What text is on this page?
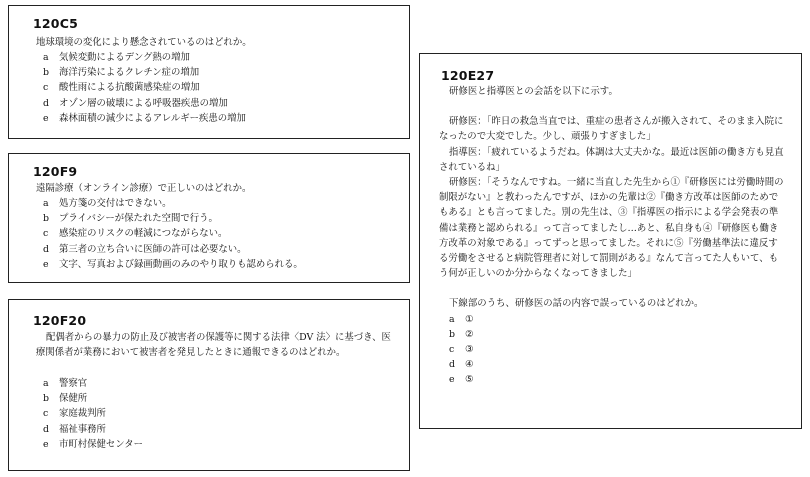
120C5

地球環境の変化により懸念されているのはどれか。

a 気候変動によるデング熱の増加
b 海洋汚染によるクレチン症の増加
c 酸性雨による抗酸菌感染症の増加
d オゾン層の破壊による呼吸器疾患の増加
e 森林面積の減少によるアレルギー疾患の増加
120F9

遠隔診療（オンライン診療）で正しいのはどれか。

a 処方箋の交付はできない。
b プライバシーが保たれた空間で行う。
c 感染症のリスクの軽減につながらない。
d 第三者の立ち合いに医師の許可は必要ない。
e 文字、写真および録画動画のみのやり取りも認められる。
120F20

配偶者からの暴力の防止及び被害者の保護等に関する法律〈DV 法〉に基づき、医療関係者が業務において被害者を発見したときに通報できるのはどれか。

a 警察官
b 保健所
c 家庭裁判所
d 福祉事務所
e 市町村保健センター
120E27

研修医と指導医との会話を以下に示す。

研修医：「昨日の救急当直では、重症の患者さんが搬入されて、そのまま入院になったので大変でした。少し、頑張りすぎました」

指導医：「疲れているようだね。体調は大丈夫かな。最近は医師の働き方も見直されているね」

研修医：「そうなんですね。一緒に当直した先生から①『研修医には労働時間の制限がない』と教わったんですが、ほかの先輩は②『働き方改革は医師のためでもある』とも言ってました。別の先生は、③『指導医の指示による学会発表の準備は業務と認められる』って言ってましたし…あと、私自身も④『研修医も働き方改革の対象である』ってずっと思ってました。それに⑤『労働基準法に違反する労働をさせると病院管理者に対して罰則がある』なんて言ってた人もいて、もう何が正しいのか分からなくなってきました」

下線部のうち、研修医の話の内容で誤っているのはどれか。

a ①
b ②
c ③
d ④
e ⑤
